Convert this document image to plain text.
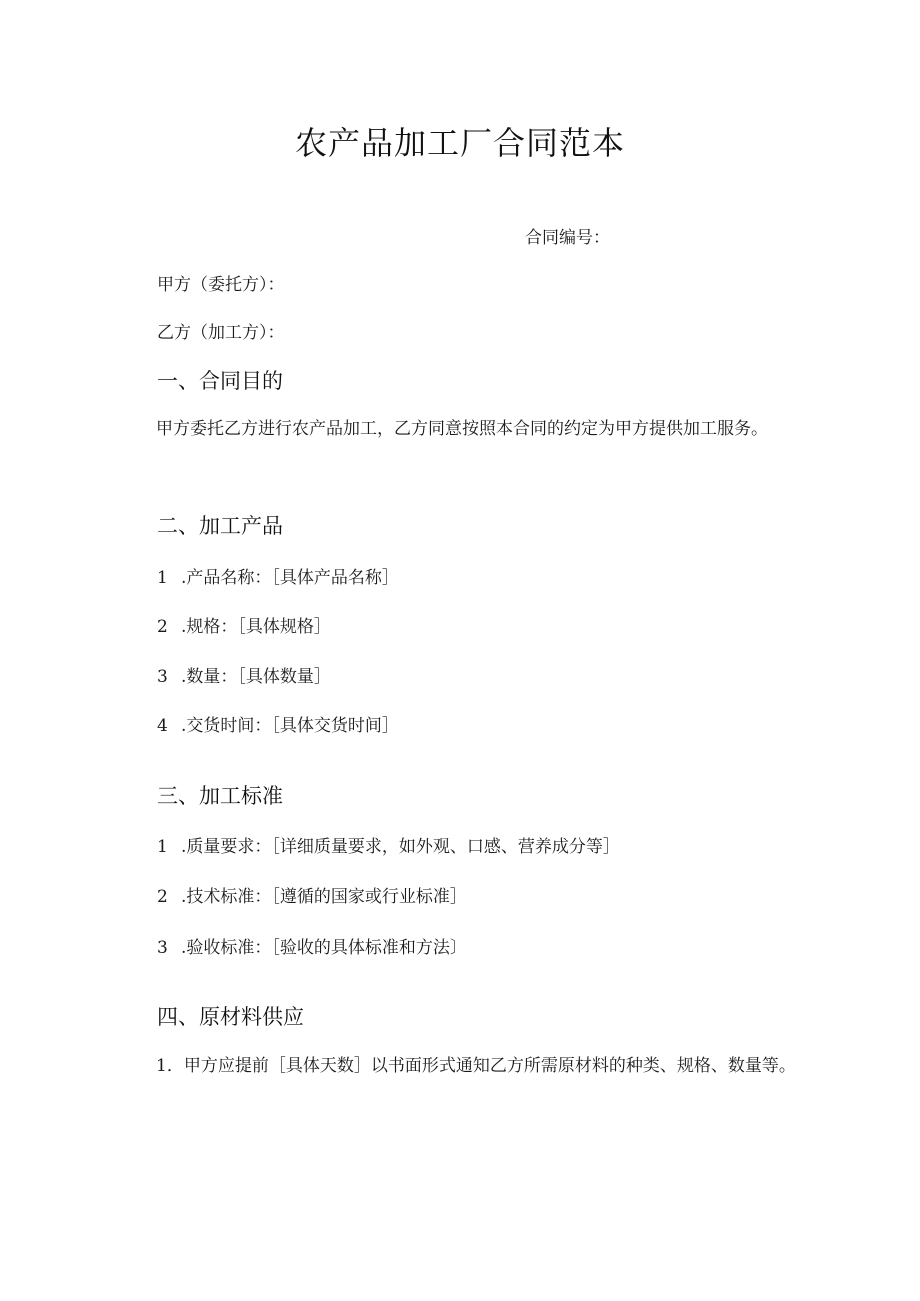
农产品加工厂合同范本
合同编号：
甲方（委托方）：
乙方（加工方）：
一、合同目的
甲方委托乙方进行农产品加工，乙方同意按照本合同的约定为甲方提供加工服务。
二、加工产品
1 .产品名称：［具体产品名称］
2 .规格：［具体规格］
3 .数量：［具体数量］
4 .交货时间：［具体交货时间］
三、加工标准
1 .质量要求：［详细质量要求，如外观、口感、营养成分等］
2 .技术标准：［遵循的国家或行业标准］
3 .验收标准：［验收的具体标准和方法〕
四、原材料供应
1．甲方应提前［具体天数］以书面形式通知乙方所需原材料的种类、规格、数量等。
